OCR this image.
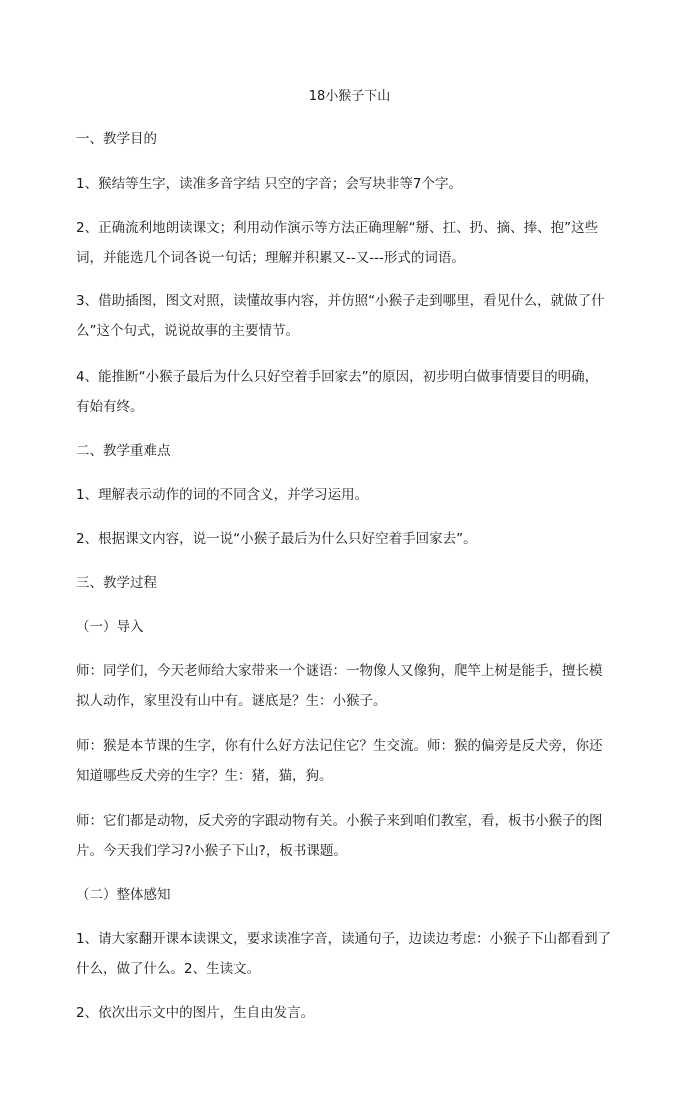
18小猴子下山
一、教学目的
1、猴结等生字，读准多音字结 只空的字音；会写块非等7个字。
2、正确流利地朗读课文；利用动作演示等方法正确理解“掰、扛、扔、摘、捧、抱”这些
词，并能选几个词各说一句话；理解并积累又--又---形式的词语。
3、借助插图，图文对照，读懂故事内容，并仿照“小猴子走到哪里，看见什么，就做了什
么”这个句式，说说故事的主要情节。
4、能推断“小猴子最后为什么只好空着手回家去”的原因，初步明白做事情要目的明确，
有始有终。
二、教学重难点
1、理解表示动作的词的不同含义，并学习运用。
2、根据课文内容，说一说“小猴子最后为什么只好空着手回家去”。
三、教学过程
（一）导入
师：同学们，今天老师给大家带来一个谜语：一物像人又像狗，爬竿上树是能手，擅长模
拟人动作，家里没有山中有。谜底是？生：小猴子。
师：猴是本节课的生字，你有什么好方法记住它？生交流。师：猴的偏旁是反犬旁，你还
知道哪些反犬旁的生字？生：猪，猫，狗。
师：它们都是动物，反犬旁的字跟动物有关。小猴子来到咱们教室，看，板书小猴子的图
片。今天我们学习?小猴子下山?，板书课题。
（二）整体感知
1、请大家翻开课本读课文，要求读准字音，读通句子，边读边考虑：小猴子下山都看到了
什么，做了什么。2、生读文。
2、依次出示文中的图片，生自由发言。
